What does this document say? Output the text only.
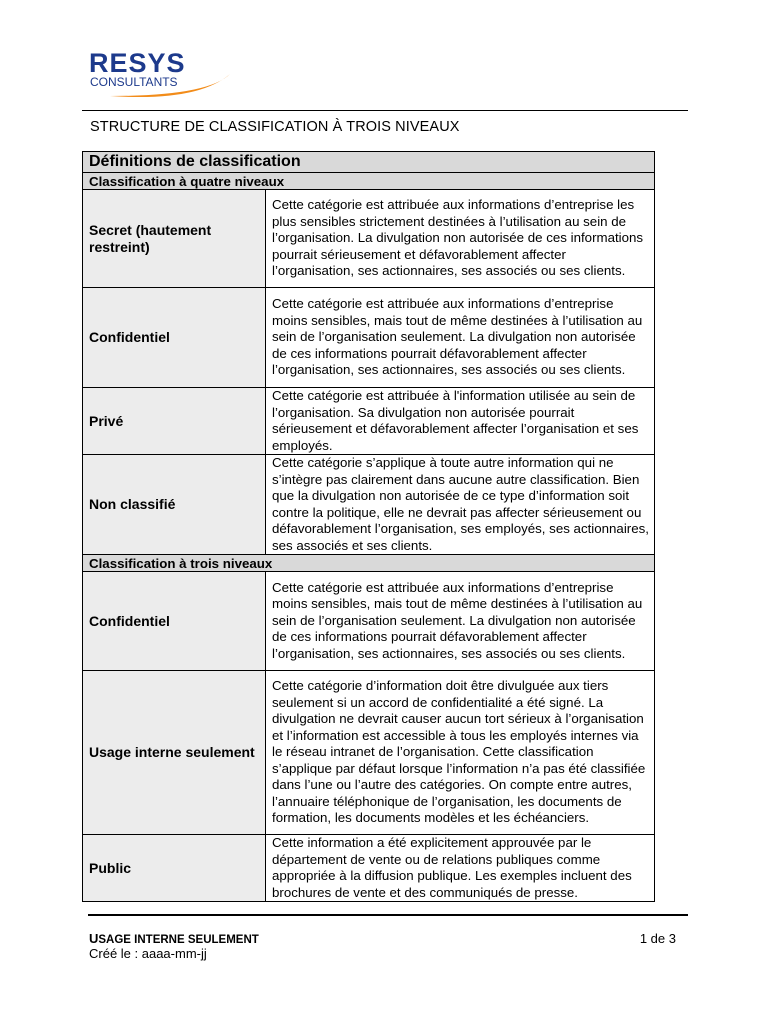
RESYS
CONSULTANTS
STRUCTURE DE CLASSIFICATION À TROIS NIVEAUX
Définitions de classification	
Classification à quatre niveaux	
Secret (hautement restreint)	Cette catégorie est attribuée aux informations d’entreprise les plus sensibles strictement destinées à l’utilisation au sein de l’organisation. La divulgation non autorisée de ces informations pourrait sérieusement et défavorablement affecter l’organisation, ses actionnaires, ses associés ou ses clients.
Confidentiel	Cette catégorie est attribuée aux informations d’entreprise moins sensibles, mais tout de même destinées à l’utilisation au sein de l’organisation seulement. La divulgation non autorisée de ces informations pourrait défavorablement affecter l’organisation, ses actionnaires, ses associés ou ses clients.
Privé	Cette catégorie est attribuée à l'information utilisée au sein de l’organisation. Sa divulgation non autorisée pourrait sérieusement et défavorablement affecter l’organisation et ses employés.
Non classifié	Cette catégorie s’applique à toute autre information qui ne s’intègre pas clairement dans aucune autre classification. Bien que la divulgation non autorisée de ce type d’information soit contre la politique, elle ne devrait pas affecter sérieusement ou défavorablement l’organisation, ses employés, ses actionnaires, ses associés et ses clients.
Classification à trois niveaux	
Confidentiel	Cette catégorie est attribuée aux informations d’entreprise moins sensibles, mais tout de même destinées à l’utilisation au sein de l’organisation seulement. La divulgation non autorisée de ces informations pourrait défavorablement affecter l’organisation, ses actionnaires, ses associés ou ses clients.
Usage interne seulement	Cette catégorie d’information doit être divulguée aux tiers seulement si un accord de confidentialité a été signé. La divulgation ne devrait causer aucun tort sérieux à l’organisation et l’information est accessible à tous les employés internes via le réseau intranet de l’organisation. Cette classification s’applique par défaut lorsque l’information n’a pas été classifiée dans l’une ou l’autre des catégories. On compte entre autres, l’annuaire téléphonique de l’organisation, les documents de formation, les documents modèles et les échéanciers.
Public	Cette information a été explicitement approuvée par le département de vente ou de relations publiques comme appropriée à la diffusion publique. Les exemples incluent des brochures de vente et des communiqués de presse.
USAGE INTERNE SEULEMENT
Créé le : aaaa-mm-jj
1 de 3
